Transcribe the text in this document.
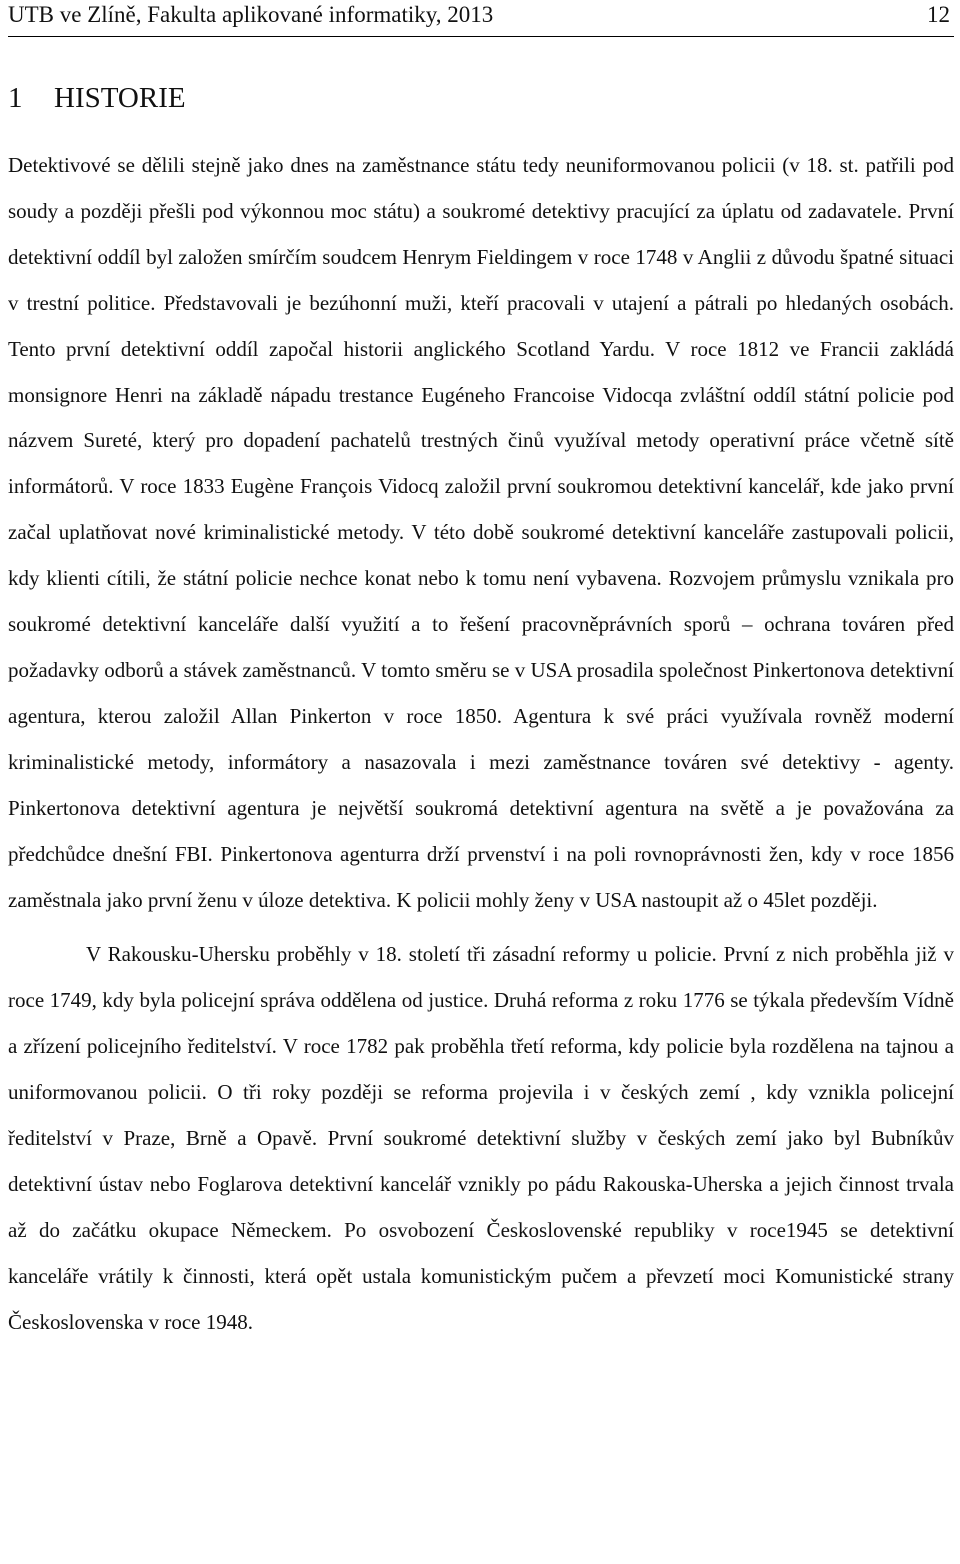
UTB ve Zlíně, Fakulta aplikované informatiky, 2013	12
1 HISTORIE

Detektivové se dělili stejně jako dnes na zaměstnance státu tedy neuniformovanou policii (v 18. st. patřili pod soudy a později přešli pod výkonnou moc státu) a soukromé detektivy pracující za úplatu od zadavatele. První detektivní oddíl byl založen smírčím soudcem Henrym Fieldingem v roce 1748 v Anglii z důvodu špatné situaci v trestní politice. Představovali je bezúhonní muži, kteří pracovali v utajení a pátrali po hledaných osobách. Tento první detektivní oddíl započal historii anglického Scotland Yardu. V roce 1812 ve Francii zakládá monsignore Henri na základě nápadu trestance Eugéneho Francoise Vidocqa zvláštní oddíl státní policie pod názvem Sureté, který pro dopadení pachatelů trestných činů využíval metody operativní práce včetně sítě informátorů. V roce 1833 Eugène François Vidocq založil první soukromou detektivní kancelář, kde jako první začal uplatňovat nové kriminalistické metody. V této době soukromé detektivní kanceláře zastupovali policii, kdy klienti cítili, že státní policie nechce konat nebo k tomu není vybavena. Rozvojem průmyslu vznikala pro soukromé detektivní kanceláře další využití a to řešení pracovněprávních sporů – ochrana továren před požadavky odborů a stávek zaměstnanců. V tomto směru se v USA prosadila společnost Pinkertonova detektivní agentura, kterou založil Allan Pinkerton v roce 1850. Agentura k své práci využívala rovněž moderní kriminalistické metody, informátory a nasazovala i mezi zaměstnance továren své detektivy - agenty. Pinkertonova detektivní agentura je největší soukromá detektivní agentura na světě a je považována za předchůdce dnešní FBI. Pinkertonova agenturra drží prvenství i na poli rovnoprávnosti žen, kdy v roce 1856 zaměstnala jako první ženu v úloze detektiva. K policii mohly ženy v USA nastoupit až o 45let později.

V Rakousku-Uhersku proběhly v 18. století tři zásadní reformy u policie. První z nich proběhla již v roce 1749, kdy byla policejní správa oddělena od justice. Druhá reforma z roku 1776 se týkala především Vídně a zřízení policejního ředitelství. V roce 1782 pak proběhla třetí reforma, kdy policie byla rozdělena na tajnou a uniformovanou policii. O tři roky později se reforma projevila i v českých zemí , kdy vznikla policejní ředitelství v Praze, Brně a Opavě. První soukromé detektivní služby v českých zemí jako byl Bubníkův detektivní ústav nebo Foglarova detektivní kancelář vznikly po pádu Rakouska-Uherska a jejich činnost trvala až do začátku okupace Německem. Po osvobození Československé republiky v roce1945 se detektivní kanceláře vrátily k činnosti, která opět ustala komunistickým pučem a převzetí moci Komunistické strany Československa v roce 1948.
